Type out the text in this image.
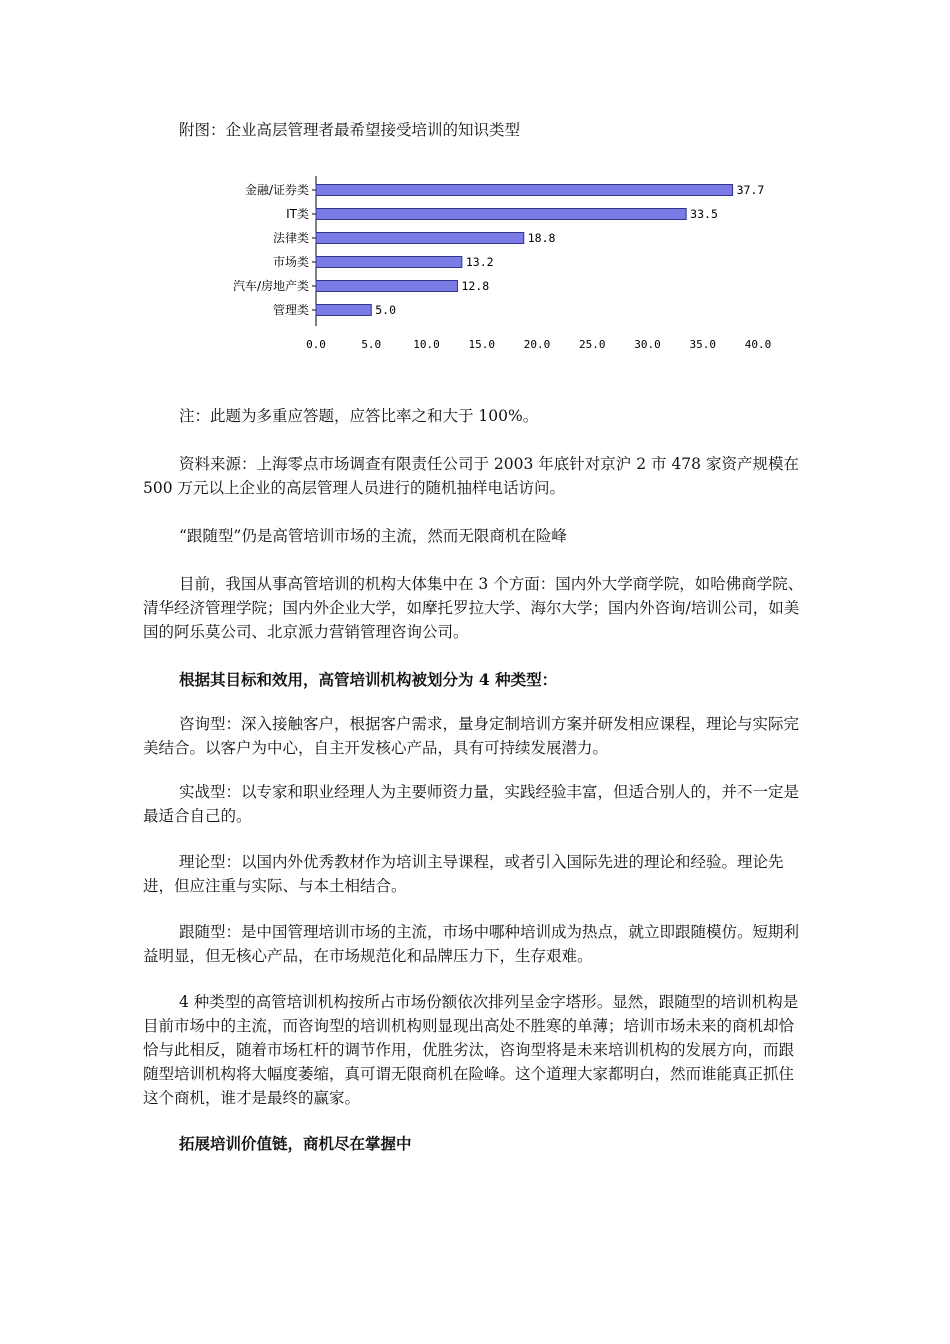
附图：企业高层管理者最希望接受培训的知识类型

金融/证券类	37.7
IT类	33.5
法律类	18.8
市场类	13.2
汽车/房地产类	12.8
管理类	5.0
0.0	5.0	10.0	15.0	20.0	25.0	30.0	35.0	40.0

注：此题为多重应答题，应答比率之和大于 100%。

资料来源：上海零点市场调查有限责任公司于 2003 年底针对京沪 2 市 478 家资产规模在 500 万元以上企业的高层管理人员进行的随机抽样电话访问。

“跟随型”仍是高管培训市场的主流，然而无限商机在险峰

目前，我国从事高管培训的机构大体集中在 3 个方面：国内外大学商学院，如哈佛商学院、清华经济管理学院；国内外企业大学，如摩托罗拉大学、海尔大学；国内外咨询/培训公司，如美国的阿乐莫公司、北京派力营销管理咨询公司。

根据其目标和效用，高管培训机构被划分为 4 种类型：

咨询型：深入接触客户，根据客户需求，量身定制培训方案并研发相应课程，理论与实际完美结合。以客户为中心，自主开发核心产品，具有可持续发展潜力。

实战型：以专家和职业经理人为主要师资力量，实践经验丰富，但适合别人的，并不一定是最适合自己的。

理论型：以国内外优秀教材作为培训主导课程，或者引入国际先进的理论和经验。理论先进，但应注重与实际、与本土相结合。

跟随型：是中国管理培训市场的主流，市场中哪种培训成为热点，就立即跟随模仿。短期利益明显，但无核心产品，在市场规范化和品牌压力下，生存艰难。

4 种类型的高管培训机构按所占市场份额依次排列呈金字塔形。显然，跟随型的培训机构是目前市场中的主流，而咨询型的培训机构则显现出高处不胜寒的单薄；培训市场未来的商机却恰恰与此相反，随着市场杠杆的调节作用，优胜劣汰，咨询型将是未来培训机构的发展方向，而跟随型培训机构将大幅度萎缩，真可谓无限商机在险峰。这个道理大家都明白，然而谁能真正抓住这个商机，谁才是最终的赢家。

拓展培训价值链，商机尽在掌握中
